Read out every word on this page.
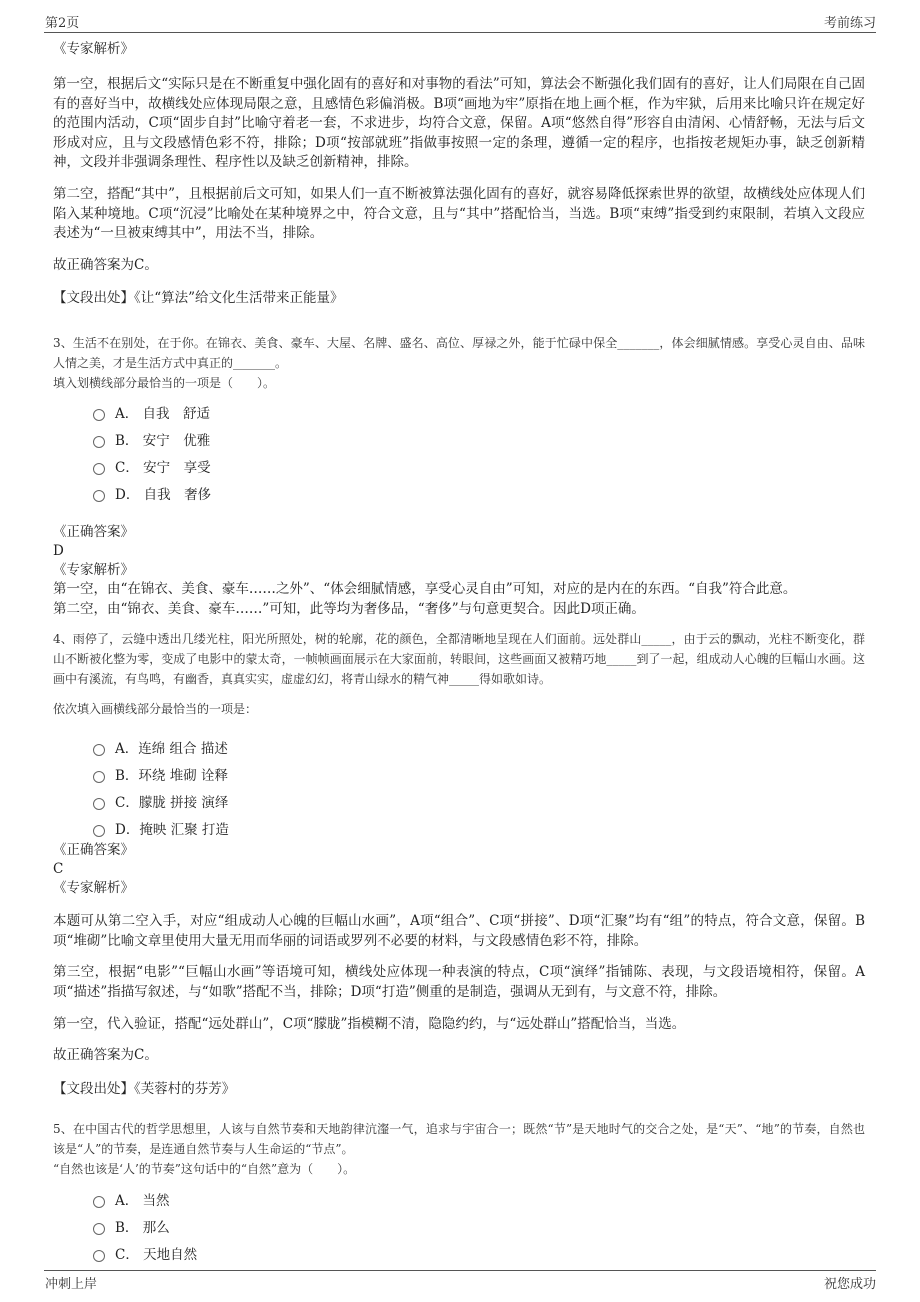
第2页	考前练习

《专家解析》

第一空，根据后文“实际只是在不断重复中强化固有的喜好和对事物的看法”可知，算法会不断强化我们固有的喜好，让人们局限在自己固有的喜好当中，故横线处应体现局限之意，且感情色彩偏消极。B项“画地为牢”原指在地上画个框，作为牢狱，后用来比喻只许在规定好的范围内活动，C项“固步自封”比喻守着老一套，不求进步，均符合文意，保留。A项“悠然自得”形容自由清闲、心情舒畅，无法与后文形成对应，且与文段感情色彩不符，排除；D项“按部就班”指做事按照一定的条理，遵循一定的程序，也指按老规矩办事，缺乏创新精神，文段并非强调条理性、程序性以及缺乏创新精神，排除。

第二空，搭配“其中”，且根据前后文可知，如果人们一直不断被算法强化固有的喜好，就容易降低探索世界的欲望，故横线处应体现人们陷入某种境地。C项“沉浸”比喻处在某种境界之中，符合文意，且与“其中”搭配恰当，当选。B项“束缚”指受到约束限制，若填入文段应表述为“一旦被束缚其中”，用法不当，排除。

故正确答案为C。

【文段出处】《让“算法”给文化生活带来正能量》

3、生活不在别处，在于你。在锦衣、美食、豪车、大屋、名牌、盛名、高位、厚禄之外，能于忙碌中保全_______，体会细腻情感。享受心灵自由、品味人情之美，才是生活方式中真正的_______。

填入划横线部分最恰当的一项是（　　）。

A． 自我　舒适
B． 安宁　优雅
C． 安宁　享受
D． 自我　奢侈

《正确答案》

D

《专家解析》

第一空，由“在锦衣、美食、豪车……之外”、“体会细腻情感，享受心灵自由”可知，对应的是内在的东西。“自我”符合此意。

第二空，由“锦衣、美食、豪车……”可知，此等均为奢侈品，“奢侈”与句意更契合。因此D项正确。

4、雨停了，云缝中透出几缕光柱，阳光所照处，树的轮廓，花的颜色，全都清晰地呈现在人们面前。远处群山_____，由于云的飘动，光柱不断变化，群山不断被化整为零，变成了电影中的蒙太奇，一帧帧画面展示在大家面前，转眼间，这些画面又被精巧地_____到了一起，组成动人心魄的巨幅山水画。这画中有溪流，有鸟鸣，有幽香，真真实实，虚虚幻幻，将青山绿水的精气神_____得如歌如诗。

依次填入画横线部分最恰当的一项是：

A．连绵 组合 描述
B．环绕 堆砌 诠释
C．朦胧 拼接 演绎
D．掩映 汇聚 打造

《正确答案》

C

《专家解析》

本题可从第二空入手，对应“组成动人心魄的巨幅山水画”，A项“组合”、C项“拼接”、D项“汇聚”均有“组”的特点，符合文意，保留。B项“堆砌”比喻文章里使用大量无用而华丽的词语或罗列不必要的材料，与文段感情色彩不符，排除。

第三空，根据“电影”“巨幅山水画”等语境可知，横线处应体现一种表演的特点，C项“演绎”指铺陈、表现，与文段语境相符，保留。A项“描述”指描写叙述，与“如歌”搭配不当，排除；D项“打造”侧重的是制造，强调从无到有，与文意不符，排除。

第一空，代入验证，搭配“远处群山”，C项“朦胧”指模糊不清，隐隐约约，与“远处群山”搭配恰当，当选。

故正确答案为C。

【文段出处】《芙蓉村的芬芳》

5、在中国古代的哲学思想里，人该与自然节奏和天地韵律沆瀣一气，追求与宇宙合一；既然“节”是天地时气的交合之处，是“天”、“地”的节奏，自然也该是“人”的节奏，是连通自然节奏与人生命运的“节点”。

“自然也该是‘人’的节奏”这句话中的“自然”意为（　　）。

A． 当然
B． 那么
C． 天地自然
冲刺上岸	祝您成功
